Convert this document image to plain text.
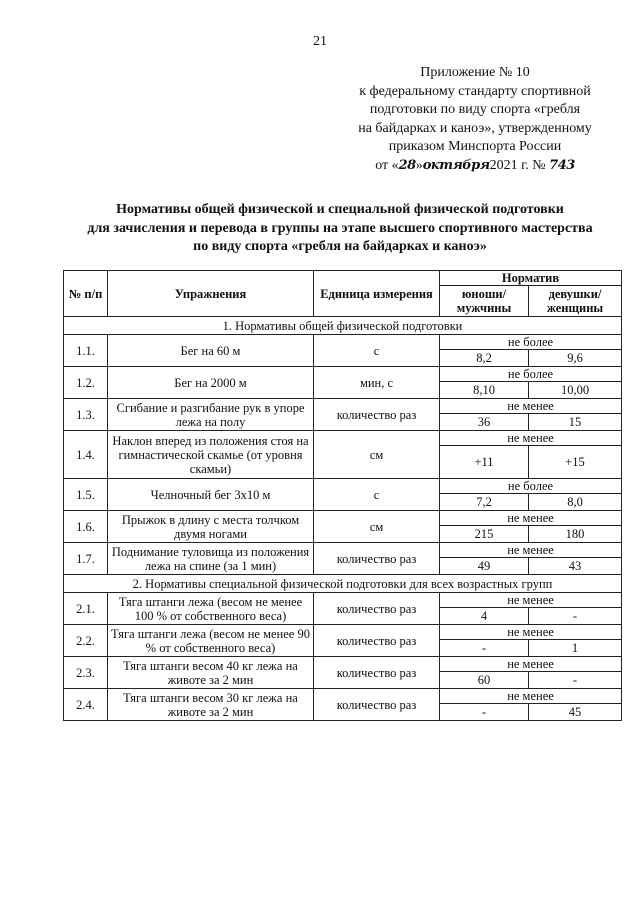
21
Приложение № 10
к федеральному стандарту спортивной
подготовки по виду спорта «гребля
на байдарках и каноэ», утвержденному
приказом Минспорта России
от «28»октября2021 г. № 743
Нормативы общей физической и специальной физической подготовки
для зачисления и перевода в группы на этапе высшего спортивного мастерства
по виду спорта «гребля на байдарках и каноэ»
№ п/п	Упражнения	Единица измерения	Норматив	
			юноши/ мужчины	девушки/ женщины
1. Нормативы общей физической подготовки				
1.1.	Бег на 60 м	с	не более	
			8,2	9,6
1.2.	Бег на 2000 м	мин, с	не более	
			8,10	10,00
1.3.	Сгибание и разгибание рук в упоре лежа на полу	количество раз	не менее	
			36	15
1.4.	Наклон вперед из положения стоя на гимнастической скамье (от уровня скамьи)	см	не менее	
			+11	+15
1.5.	Челночный бег 3x10 м	с	не более	
			7,2	8,0
1.6.	Прыжок в длину с места толчком двумя ногами	см	не менее	
			215	180
1.7.	Поднимание туловища из положения лежа на спине (за 1 мин)	количество раз	не менее	
			49	43
2. Нормативы специальной физической подготовки для всех возрастных групп				
2.1.	Тяга штанги лежа (весом не менее 100 % от собственного веса)	количество раз	не менее	
			4	-
2.2.	Тяга штанги лежа (весом не менее 90 % от собственного веса)	количество раз	не менее	
			-	1
2.3.	Тяга штанги весом 40 кг лежа на животе за 2 мин	количество раз	не менее	
			60	-
2.4.	Тяга штанги весом 30 кг лежа на животе за 2 мин	количество раз	не менее	
			-	45
